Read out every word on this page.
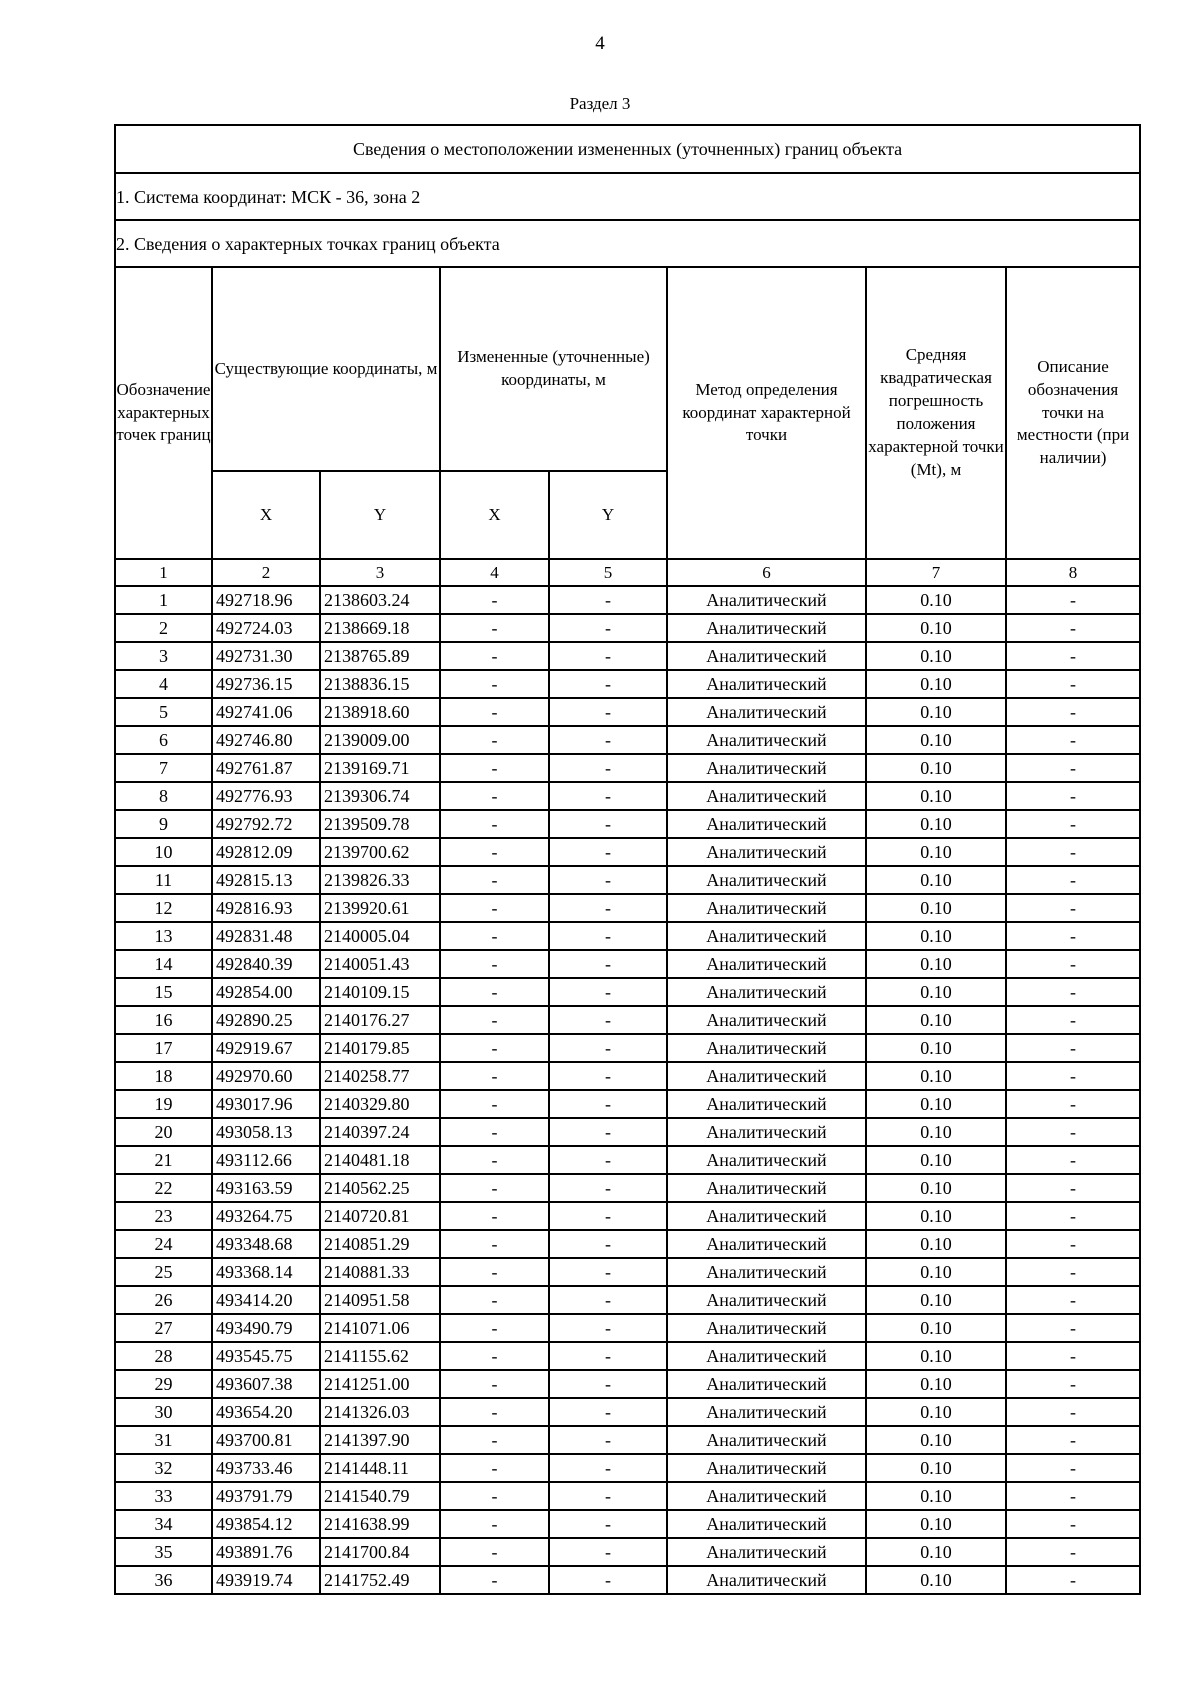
4
Раздел 3
Сведения о местоположении измененных (уточненных) границ объекта							
1. Система координат: МСК - 36, зона 2							
2. Сведения о характерных точках границ объекта							
Обозначение характерных точек границ	Существующие координаты, м		Измененные (уточненные) координаты, м		Метод определения координат характерной точки	Средняя квадратическая погрешность положения характерной точки (Mt), м	Описание обозначения точки на местности (при наличии)
	X	Y	X	Y			
1	2	3	4	5	6	7	8
1	492718.96	2138603.24	-	-	Аналитический	0.10	-
2	492724.03	2138669.18	-	-	Аналитический	0.10	-
3	492731.30	2138765.89	-	-	Аналитический	0.10	-
4	492736.15	2138836.15	-	-	Аналитический	0.10	-
5	492741.06	2138918.60	-	-	Аналитический	0.10	-
6	492746.80	2139009.00	-	-	Аналитический	0.10	-
7	492761.87	2139169.71	-	-	Аналитический	0.10	-
8	492776.93	2139306.74	-	-	Аналитический	0.10	-
9	492792.72	2139509.78	-	-	Аналитический	0.10	-
10	492812.09	2139700.62	-	-	Аналитический	0.10	-
11	492815.13	2139826.33	-	-	Аналитический	0.10	-
12	492816.93	2139920.61	-	-	Аналитический	0.10	-
13	492831.48	2140005.04	-	-	Аналитический	0.10	-
14	492840.39	2140051.43	-	-	Аналитический	0.10	-
15	492854.00	2140109.15	-	-	Аналитический	0.10	-
16	492890.25	2140176.27	-	-	Аналитический	0.10	-
17	492919.67	2140179.85	-	-	Аналитический	0.10	-
18	492970.60	2140258.77	-	-	Аналитический	0.10	-
19	493017.96	2140329.80	-	-	Аналитический	0.10	-
20	493058.13	2140397.24	-	-	Аналитический	0.10	-
21	493112.66	2140481.18	-	-	Аналитический	0.10	-
22	493163.59	2140562.25	-	-	Аналитический	0.10	-
23	493264.75	2140720.81	-	-	Аналитический	0.10	-
24	493348.68	2140851.29	-	-	Аналитический	0.10	-
25	493368.14	2140881.33	-	-	Аналитический	0.10	-
26	493414.20	2140951.58	-	-	Аналитический	0.10	-
27	493490.79	2141071.06	-	-	Аналитический	0.10	-
28	493545.75	2141155.62	-	-	Аналитический	0.10	-
29	493607.38	2141251.00	-	-	Аналитический	0.10	-
30	493654.20	2141326.03	-	-	Аналитический	0.10	-
31	493700.81	2141397.90	-	-	Аналитический	0.10	-
32	493733.46	2141448.11	-	-	Аналитический	0.10	-
33	493791.79	2141540.79	-	-	Аналитический	0.10	-
34	493854.12	2141638.99	-	-	Аналитический	0.10	-
35	493891.76	2141700.84	-	-	Аналитический	0.10	-
36	493919.74	2141752.49	-	-	Аналитический	0.10	-
